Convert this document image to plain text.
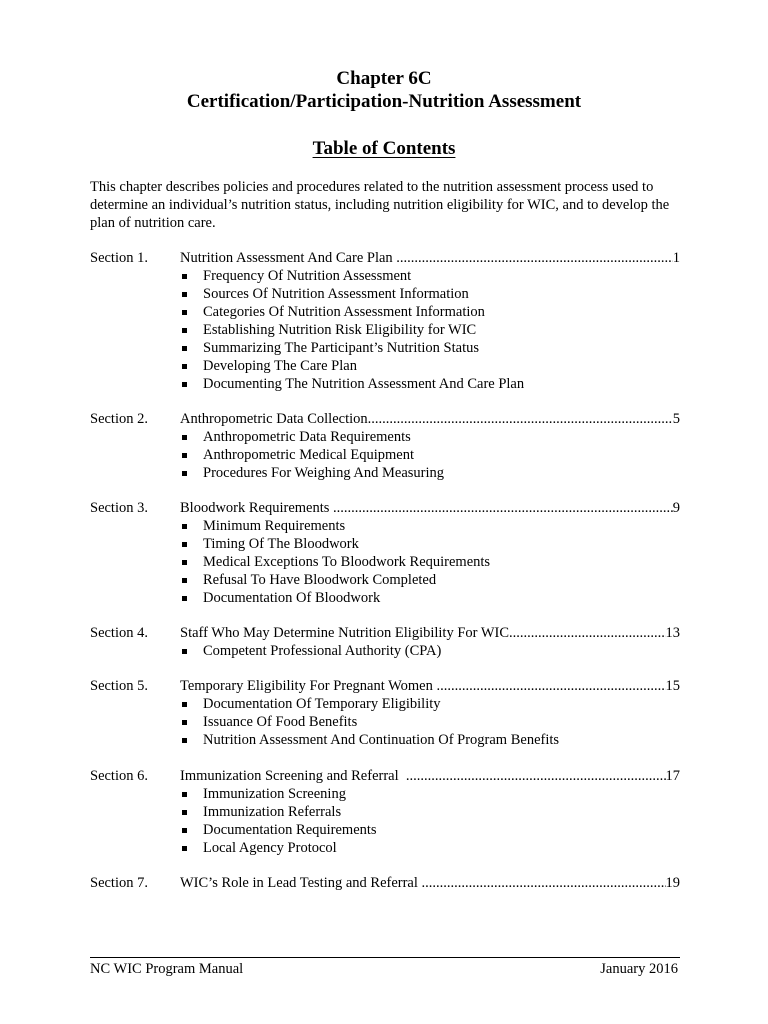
Chapter 6C
Certification/Participation-Nutrition Assessment
Table of Contents
This chapter describes policies and procedures related to the nutrition assessment process used to determine an individual’s nutrition status, including nutrition eligibility for WIC, and to develop the plan of nutrition care.
Section 1.	Nutrition Assessment And Care Plan .....	1
Frequency Of Nutrition Assessment
Sources Of Nutrition Assessment Information
Categories Of Nutrition Assessment Information
Establishing Nutrition Risk Eligibility for WIC
Summarizing The Participant’s Nutrition Status
Developing The Care Plan
Documenting The Nutrition Assessment And Care Plan
Section 2.	Anthropometric Data Collection .....	5
Anthropometric Data Requirements
Anthropometric Medical Equipment
Procedures For Weighing And Measuring
Section 3.	Bloodwork Requirements .....	9
Minimum Requirements
Timing Of The Bloodwork
Medical Exceptions To Bloodwork Requirements
Refusal To Have Bloodwork Completed
Documentation Of Bloodwork
Section 4.	Staff Who May Determine Nutrition Eligibility For WIC .....	13
Competent Professional Authority (CPA)
Section 5.	Temporary Eligibility For Pregnant Women .....	15
Documentation Of Temporary Eligibility
Issuance Of Food Benefits
Nutrition Assessment And Continuation Of Program Benefits
Section 6.	Immunization Screening and Referral .....	17
Immunization Screening
Immunization Referrals
Documentation Requirements
Local Agency Protocol
Section 7.	WIC’s Role in Lead Testing and Referral .....	19
NC WIC Program Manual	January 2016
